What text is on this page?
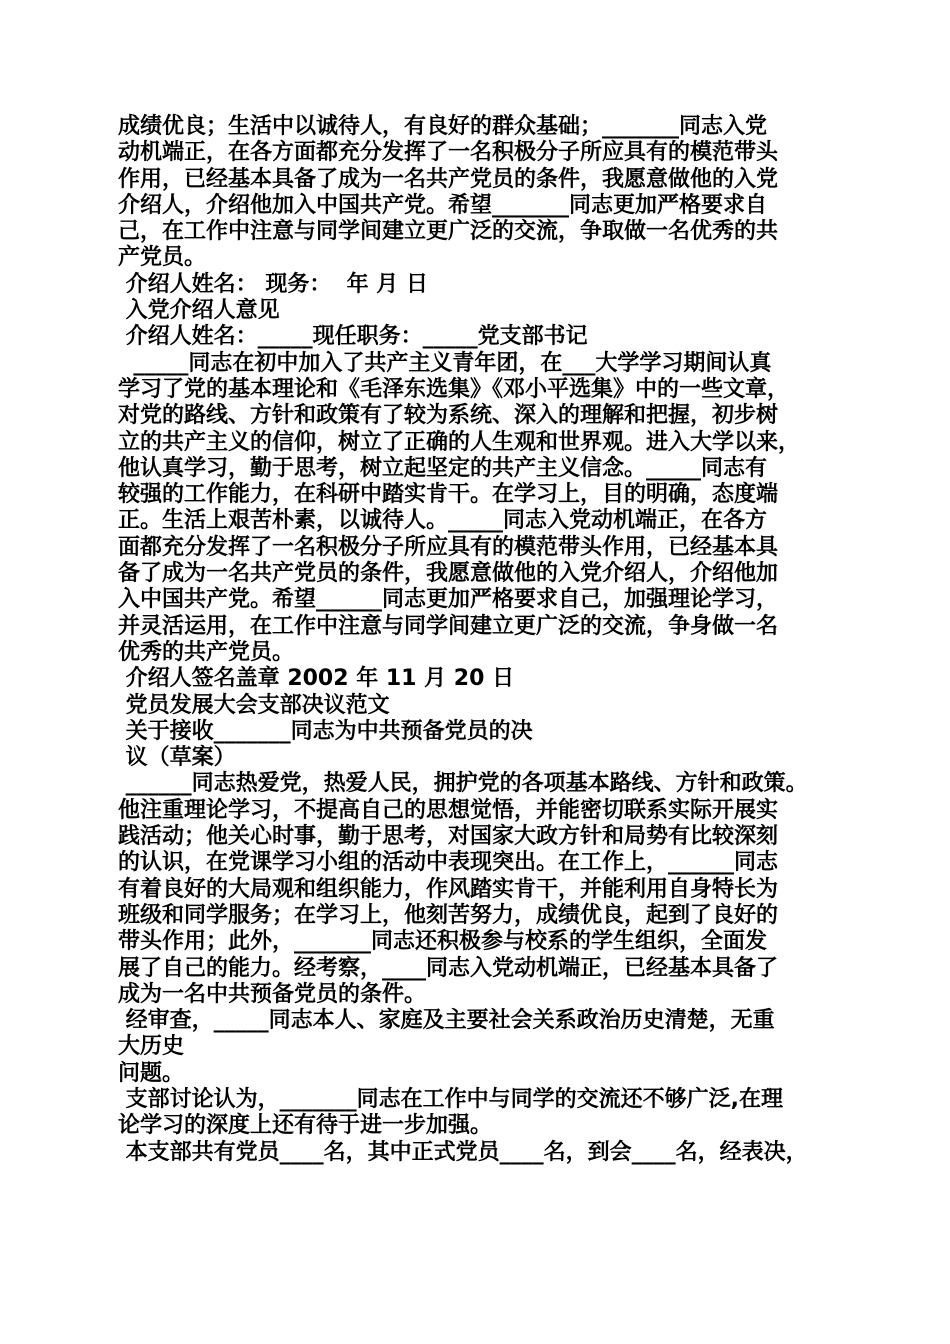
成绩优良；生活中以诚待人，有良好的群众基础；_______同志入党
动机端正，在各方面都充分发挥了一名积极分子所应具有的模范带头
作用，已经基本具备了成为一名共产党员的条件，我愿意做他的入党
介绍人，介绍他加入中国共产党。希望_______同志更加严格要求自
己，在工作中注意与同学间建立更广泛的交流，争取做一名优秀的共
产党员。
介绍人姓名： 现务：  年 月 日
入党介绍人意见
介绍人姓名：_____现任职务：_____党支部书记
_____同志在初中加入了共产主义青年团，在___大学学习期间认真
学习了党的基本理论和《毛泽东选集》《邓小平选集》中的一些文章，
对党的路线、方针和政策有了较为系统、深入的理解和把握，初步树
立的共产主义的信仰，树立了正确的人生观和世界观。进入大学以来，
他认真学习，勤于思考，树立起坚定的共产主义信念。_____同志有
较强的工作能力，在科研中踏实肯干。在学习上，目的明确，态度端
正。生活上艰苦朴素，以诚待人。_____同志入党动机端正，在各方
面都充分发挥了一名积极分子所应具有的模范带头作用，已经基本具
备了成为一名共产党员的条件，我愿意做他的入党介绍人，介绍他加
入中国共产党。希望______同志更加严格要求自己，加强理论学习，
并灵活运用，在工作中注意与同学间建立更广泛的交流，争身做一名
优秀的共产党员。
介绍人签名盖章 2002 年 11 月 20 日
党员发展大会支部决议范文
关于接收_______同志为中共预备党员的决
议（草案）
______同志热爱党，热爱人民，拥护党的各项基本路线、方针和政策。
他注重理论学习，不提高自己的思想觉悟，并能密切联系实际开展实
践活动；他关心时事，勤于思考，对国家大政方针和局势有比较深刻
的认识，在党课学习小组的活动中表现突出。在工作上，______同志
有着良好的大局观和组织能力，作风踏实肯干，并能利用自身特长为
班级和同学服务；在学习上，他刻苦努力，成绩优良，起到了良好的
带头作用；此外，_______同志还积极参与校系的学生组织，全面发
展了自己的能力。经考察，____同志入党动机端正，已经基本具备了
成为一名中共预备党员的条件。
经审查，_____同志本人、家庭及主要社会关系政治历史清楚，无重
大历史
问题。
支部讨论认为，_______同志在工作中与同学的交流还不够广泛,在理
论学习的深度上还有待于进一步加强。
本支部共有党员____名，其中正式党员____名，到会____名，经表决，
